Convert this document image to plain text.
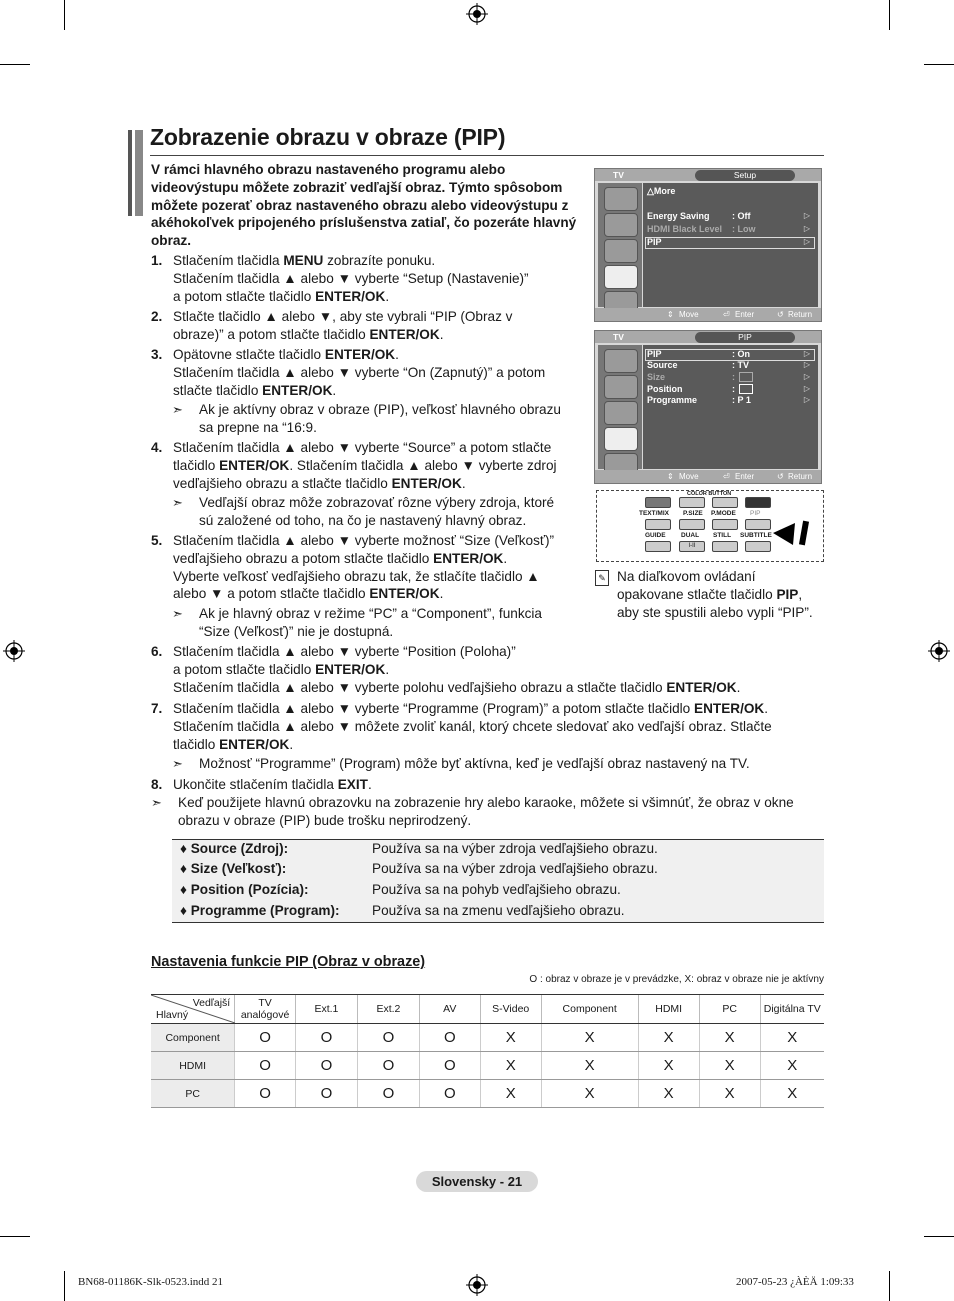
Zobrazenie obrazu v obraze (PIP)
V rámci hlavného obrazu nastaveného programu alebo videovýstupu môžete zobraziť vedľajší obraz. Týmto spôsobom môžete pozerať obraz nastaveného obrazu alebo videovýstupu z akéhokoľvek pripojeného príslušenstva zatiaľ, čo pozeráte hlavný obraz.
1. Stlačením tlačidla MENU zobrazíte ponuku.
Stlačením tlačidla ▲ alebo ▼ vyberte “Setup (Nastavenie)”
a potom stlačte tlačidlo ENTER/OK.
2. Stlačte tlačidlo ▲ alebo ▼, aby ste vybrali “PIP (Obraz v
obraze)” a potom stlačte tlačidlo ENTER/OK.
3. Opätovne stlačte tlačidlo ENTER/OK.
Stlačením tlačidla ▲ alebo ▼ vyberte “On (Zapnutý)” a potom
stlačte tlačidlo ENTER/OK.
➣ Ak je aktívny obraz v obraze (PIP), veľkosť hlavného obrazu
sa prepne na “16:9.
4. Stlačením tlačidla ▲ alebo ▼ vyberte “Source” a potom stlačte
tlačidlo ENTER/OK. Stlačením tlačidla ▲ alebo ▼ vyberte zdroj
vedľajšieho obrazu a stlačte tlačidlo ENTER/OK.
➣ Vedľajší obraz môže zobrazovať rôzne výbery zdroja, ktoré
sú založené od toho, na čo je nastavený hlavný obraz.
5. Stlačením tlačidla ▲ alebo ▼ vyberte možnosť “Size (Veľkosť)”
vedľajšieho obrazu a potom stlačte tlačidlo ENTER/OK.
Vyberte veľkosť vedľajšieho obrazu tak, že stlačíte tlačidlo ▲
alebo ▼ a potom stlačte tlačidlo ENTER/OK.
➣ Ak je hlavný obraz v režime “PC” a “Component”, funkcia
“Size (Veľkosť)” nie je dostupná.
6. Stlačením tlačidla ▲ alebo ▼ vyberte “Position (Poloha)”
a potom stlačte tlačidlo ENTER/OK.
Stlačením tlačidla ▲ alebo ▼ vyberte polohu vedľajšieho obrazu a stlačte tlačidlo ENTER/OK.
7. Stlačením tlačidla ▲ alebo ▼ vyberte “Programme (Program)” a potom stlačte tlačidlo ENTER/OK.
Stlačením tlačidla ▲ alebo ▼ môžete zvoliť kanál, ktorý chcete sledovať ako vedľajší obraz. Stlačte
tlačidlo ENTER/OK.
➣ Možnosť “Programme” (Program) môže byť aktívna, keď je vedľajší obraz nastavený na TV.
8. Ukončite stlačením tlačidla EXIT.
➣ Keď použijete hlavnú obrazovku na zobrazenie hry alebo karaoke, môžete si všimnúť, že obraz v okne
obrazu v obraze (PIP) bude trošku neprirodzený.
TV	Setup
△More
Energy Saving : Off	▷
HDMI Black Level : Low	▷
PIP	▷
⇕ Move	⏎ Enter	↺ Return
TV	PIP
PIP	: On	▷
Source	: TV	▷
Size	:	▷
Position	:	▷
Programme	: P 1	▷
⇕ Move	⏎ Enter	↺ Return
COLOR BUTTON
TEXT/MIX P.SIZE P.MODE PIP
GUIDE DUAL STILL SUBTITLE
I-II
✎ Na diaľkovom ovládaní
opakovane stlačte tlačidlo PIP,
aby ste spustili alebo vypli “PIP”.
♦ Source (Zdroj):	Používa sa na výber zdroja vedľajšieho obrazu.
♦ Size (Veľkosť):	Používa sa na výber zdroja vedľajšieho obrazu.
♦ Position (Pozícia):	Používa sa na pohyb vedľajšieho obrazu.
♦ Programme (Program): Používa sa na zmenu vedľajšieho obrazu.
Nastavenia funkcie PIP (Obraz v obraze)
O : obraz v obraze je v prevádzke, X: obraz v obraze nie je aktívny
Vedľajší
Hlavný	TV analógové	Ext.1	Ext.2	AV	S-Video	Component	HDMI	PC	Digitálna TV
Component	O	O	O	O	X	X	X	X	X
HDMI	O	O	O	O	X	X	X	X	X
PC	O	O	O	O	X	X	X	X	X
Slovensky - 21
BN68-01186K-Slk-0523.indd 21	2007-05-23 ¿ÀÈÄ 1:09:33
